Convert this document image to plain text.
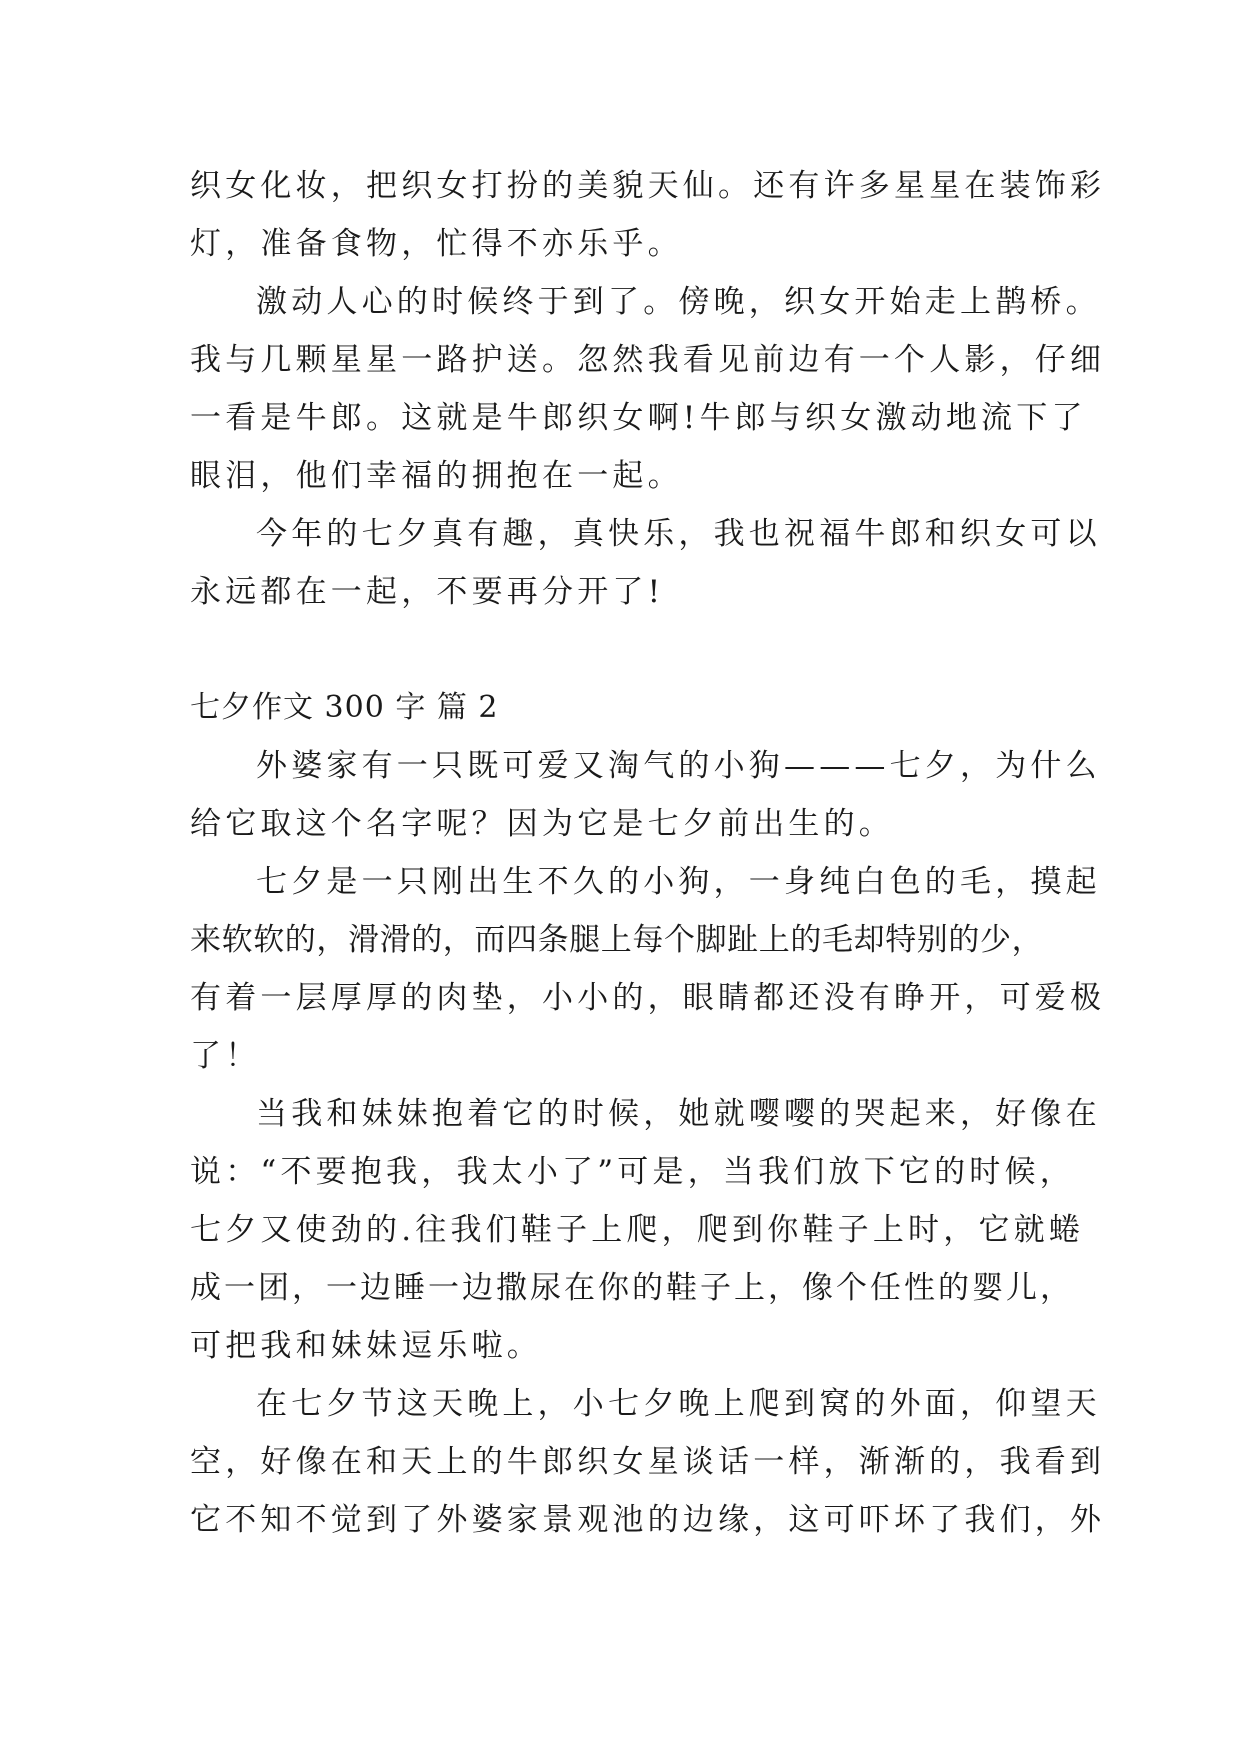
织女化妆，把织女打扮的美貌天仙。还有许多星星在装饰彩
灯，准备食物，忙得不亦乐乎。
激动人心的时候终于到了。傍晚，织女开始走上鹊桥。
我与几颗星星一路护送。忽然我看见前边有一个人影，仔细
一看是牛郎。这就是牛郎织女啊!牛郎与织女激动地流下了
眼泪，他们幸福的拥抱在一起。
今年的七夕真有趣，真快乐，我也祝福牛郎和织女可以
永远都在一起，不要再分开了!
七夕作文 300 字 篇 2
外婆家有一只既可爱又淘气的小狗———七夕，为什么
给它取这个名字呢？因为它是七夕前出生的。
七夕是一只刚出生不久的小狗，一身纯白色的毛，摸起
来软软的，滑滑的，而四条腿上每个脚趾上的毛却特别的少，
有着一层厚厚的肉垫，小小的，眼睛都还没有睁开，可爱极
了！
当我和妹妹抱着它的时候，她就嘤嘤的哭起来，好像在
说：“不要抱我，我太小了”可是，当我们放下它的时候，
七夕又使劲的.往我们鞋子上爬，爬到你鞋子上时，它就蜷
成一团，一边睡一边撒尿在你的鞋子上，像个任性的婴儿，
可把我和妹妹逗乐啦。
在七夕节这天晚上，小七夕晚上爬到窝的外面，仰望天
空，好像在和天上的牛郎织女星谈话一样，渐渐的，我看到
它不知不觉到了外婆家景观池的边缘，这可吓坏了我们，外
